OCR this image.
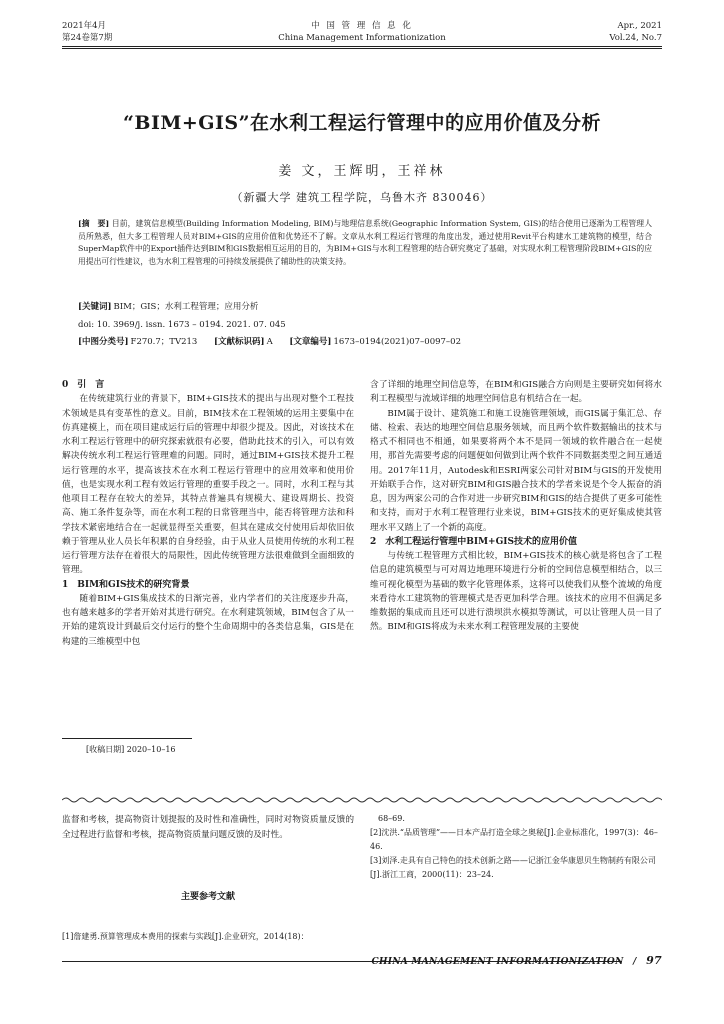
2021年4月
第24卷第7期
中 国 管 理 信 息 化
China Management Informationization
Apr., 2021
Vol.24, No.7
“BIM+GIS”在水利工程运行管理中的应用价值及分析
姜 文，王辉明，王祥林
（新疆大学 建筑工程学院，乌鲁木齐 830046）
[摘　要] 目前，建筑信息模型(Building Information Modeling, BIM)与地理信息系统(Geographic Information System, GIS)的结合使用已逐渐为工程管理人员所熟悉，但大多工程管理人员对BIM+GIS的应用价值和优势还不了解。文章从水利工程运行管理的角度出发，通过使用Revit平台构建水工建筑物的模型，结合SuperMap软件中的Export插件达到BIM和GIS数据相互运用的目的，为BIM+GIS与水利工程管理的结合研究奠定了基础，对实现水利工程管理阶段BIM+GIS的应用提出可行性建议，也为水利工程管理的可持续发展提供了辅助性的决策支持。
[关键词] BIM；GIS；水利工程管理；应用分析
doi: 10. 3969/j. issn. 1673 – 0194. 2021. 07. 045
[中图分类号] F270.7；TV213 [文献标识码] A [文章编号] 1673–0194(2021)07–0097–02

0　引　言

在传统建筑行业的背景下，BIM+GIS技术的提出与出现对整个工程技术领域是具有变革性的意义。目前，BIM技术在工程领域的运用主要集中在仿真建模上，而在项目建成运行后的管理中却很少提及。因此，对该技术在水利工程运行管理中的研究探索就很有必要，借助此技术的引入，可以有效解决传统水利工程运行管理难的问题。同时，通过BIM+GIS技术提升工程运行管理的水平，提高该技术在水利工程运行管理中的应用效率和使用价值，也是实现水利工程有效运行管理的重要手段之一。同时，水利工程与其他项目工程存在较大的差异，其特点普遍具有规模大、建设周期长、投资高、施工条件复杂等，而在水利工程的日常管理当中，能否将管理方法和科学技术紧密地结合在一起就显得至关重要，但其在建成交付使用后却依旧依赖于管理从业人员长年积累的自身经验，由于从业人员使用传统的水利工程运行管理方法存在着很大的局限性，因此传统管理方法很难做到全面细致的管理。

1　BIM和GIS技术的研究背景

随着BIM+GIS集成技术的日渐完善，业内学者们的关注度逐步升高，也有越来越多的学者开始对其进行研究。在水利建筑领域，BIM包含了从一开始的建筑设计到最后交付运行的整个生命周期中的各类信息集，GIS是在构建的三维模型中包

[收稿日期] 2020–10–16

含了详细的地理空间信息等，在BIM和GIS融合方向则是主要研究如何将水利工程模型与流域详细的地理空间信息有机结合在一起。

BIM属于设计、建筑施工和施工设施管理领域，而GIS属于集汇总、存储、检索、表达的地理空间信息服务领域，而且两个软件数据输出的技术与格式不相同也不相通，如果要将两个本不是同一领域的软件融合在一起使用，那首先需要考虑的问题便如何做到让两个软件不同数据类型之间互通适用。2017年11月，Autodesk和ESRI两家公司针对BIM与GIS的开发使用开始联手合作，这对研究BIM和GIS融合技术的学者来说是个令人振奋的消息，因为两家公司的合作对进一步研究BIM和GIS的结合提供了更多可能性和支持，而对于水利工程管理行业来说，BIM+GIS技术的更好集成使其管理水平又踏上了一个新的高度。

2　水利工程运行管理中BIM+GIS技术的应用价值

与传统工程管理方式相比较，BIM+GIS技术的核心就是将包含了工程信息的建筑模型与可对周边地理环境进行分析的空间信息模型相结合，以三维可视化模型为基础的数字化管理体系，这将可以使我们从整个流域的角度来看待水工建筑物的管理模式是否更加科学合理。该技术的应用不但满足多维数据的集成而且还可以进行溃坝洪水模拟等测试，可以让管理人员一目了然。BIM和GIS将成为未来水利工程管理发展的主要使

监督和考核，提高物资计划提报的及时性和准确性，同时对物资质量反馈的全过程进行监督和考核，提高物资质量问题反馈的及时性。
主要参考文献
[1]詹建勇.预算管理成本费用的探索与实践[J].企业研究，2014(18)：

68–69.

[2]沈洪.“品质管理”——日本产品打造全球之奥秘[J].企业标准化，1997(3)：46–46.

[3]刘泽.走具有自己特色的技术创新之路——记浙江金华康恩贝生物制药有限公司[J].浙江工商，2000(11)：23–24.

CHINA MANAGEMENT INFORMATIONIZATION / 97
